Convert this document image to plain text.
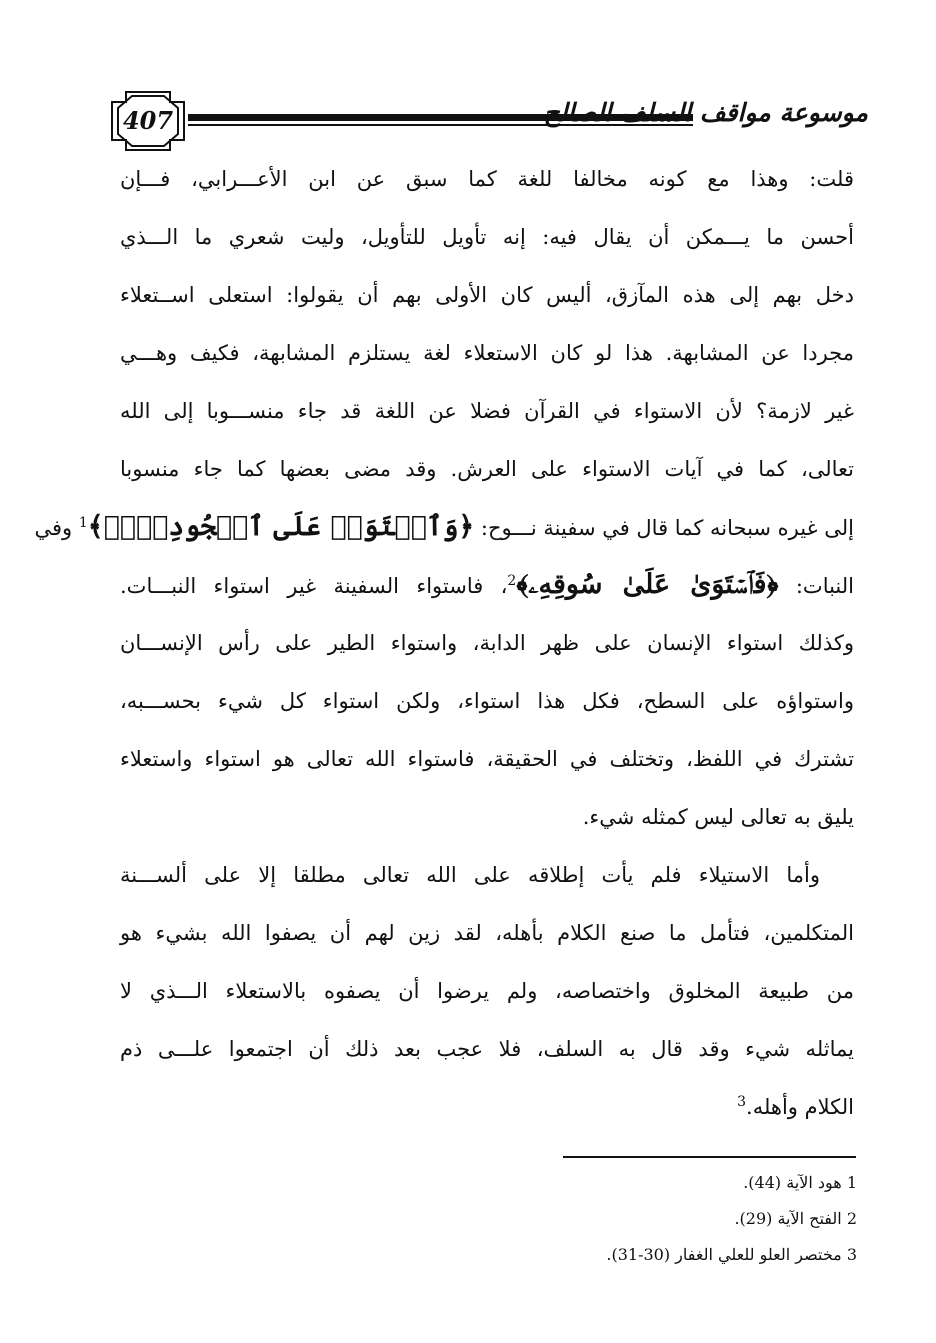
407	موسوعة مواقف السلف الصالح
قلت: وهذا مع كونه مخالفا للغة كما سبق عن ابن الأعـــرابي، فـــإن
أحسن ما يـــمكن أن يقال فيه: إنه تأويل للتأويل، وليت شعري ما الـــذي
دخل بهم إلى هذه المآزق، أليس كان الأولى بهم أن يقولوا: استعلى اســتعلاء
مجردا عن المشابهة. هذا لو كان الاستعلاء لغة يستلزم المشابهة، فكيف وهـــي
غير لازمة؟ لأن الاستواء في القرآن فضلا عن اللغة قد جاء منســـوبا إلى الله
تعالى، كما في آيات الاستواء على العرش. وقد مضى بعضها كما جاء منسوبا
إلى غيره سبحانه كما قال في سفينة نـــوح: ﴿وَٱسۡتَوَتۡ عَلَى ٱلۡجُودِيِّۖ﴾$^1$ وفي
النبات: ﴿فَٱسۡتَوَىٰ عَلَىٰ سُوقِهِۦ﴾$^2$، فاستواء السفينة غير استواء النبـــات.
وكذلك استواء الإنسان على ظهر الدابة، واستواء الطير على رأس الإنســـان
واستواؤه على السطح، فكل هذا استواء، ولكن استواء كل شيء بحســـبه،
تشترك في اللفظ، وتختلف في الحقيقة، فاستواء الله تعالى هو استواء واستعلاء
يليق به تعالى ليس كمثله شيء.
وأما الاستيلاء فلم يأت إطلاقه على الله تعالى مطلقا إلا على ألســـنة
المتكلمين، فتأمل ما صنع الكلام بأهله، لقد زين لهم أن يصفوا الله بشيء هو
من طبيعة المخلوق واختصاصه، ولم يرضوا أن يصفوه بالاستعلاء الـــذي لا
يماثله شيء وقد قال به السلف، فلا عجب بعد ذلك أن اجتمعوا علـــى ذم
الكلام وأهله.$^3$
1 هود الآية (44).
2 الفتح الآية (29).
3 مختصر العلو للعلي الغفار (30-31).
